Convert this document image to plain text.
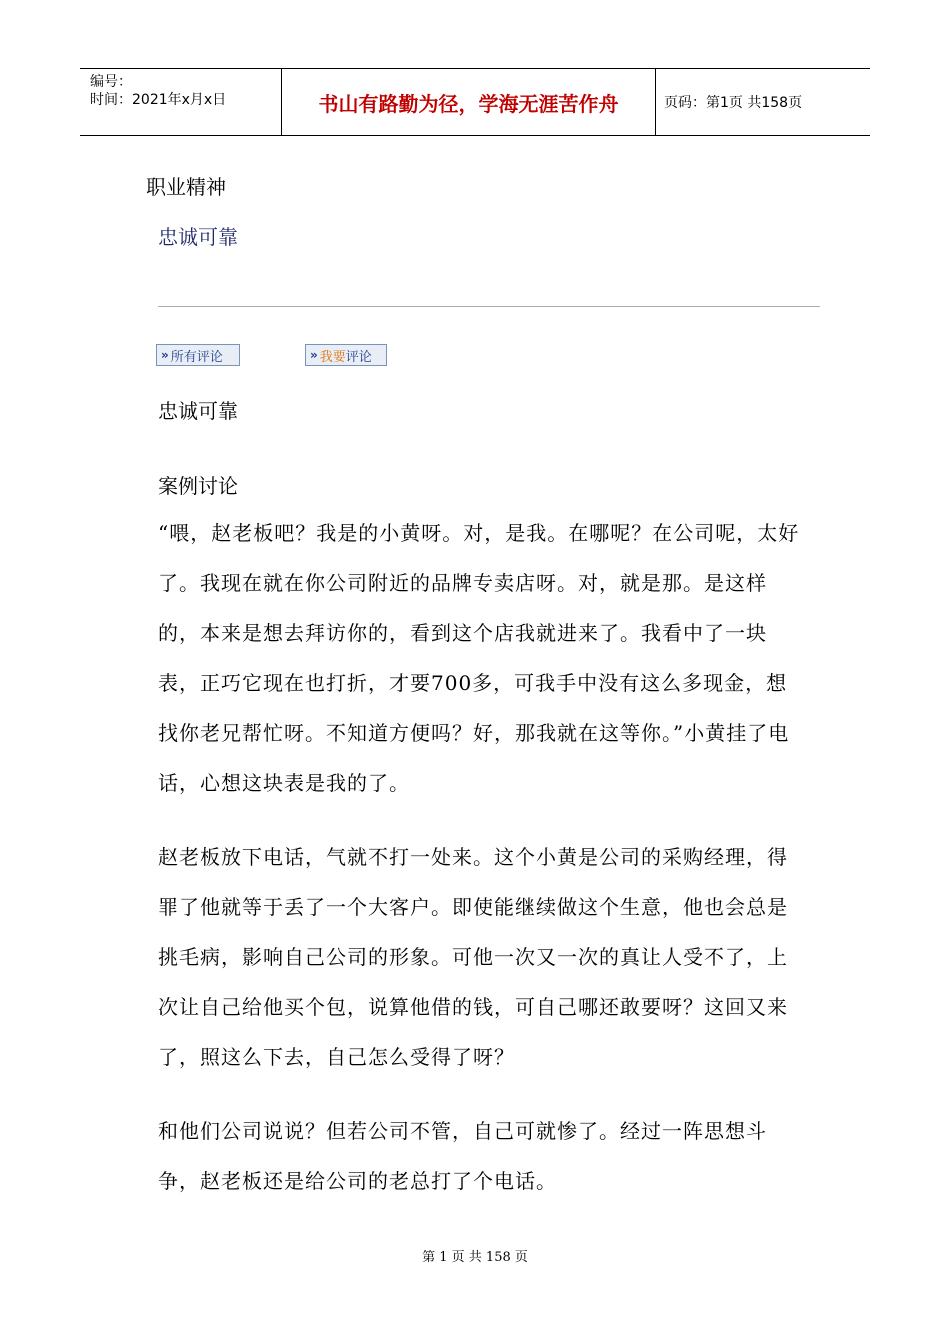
编号：
时间：2021年x月x日	书山有路勤为径，学海无涯苦作舟	页码：第1页 共158页
职业精神
忠诚可靠
» 所有 评论	» 我要 评论
忠诚可靠
案例讨论
“喂，赵老板吧？我是的小黄呀。对，是我。在哪呢？在公司呢，太好了。我现在就在你公司附近的品牌专卖店呀。对，就是那。是这样的，本来是想去拜访你的，看到这个店我就进来了。我看中了一块表，正巧它现在也打折，才要700多，可我手中没有这么多现金，想找你老兄帮忙呀。不知道方便吗？好，那我就在这等你。”小黄挂了电话，心想这块表是我的了。
赵老板放下电话，气就不打一处来。这个小黄是公司的采购经理，得罪了他就等于丢了一个大客户。即使能继续做这个生意，他也会总是挑毛病，影响自己公司的形象。可他一次又一次的真让人受不了，上次让自己给他买个包，说算他借的钱，可自己哪还敢要呀？这回又来了，照这么下去，自己怎么受得了呀？
和他们公司说说？但若公司不管，自己可就惨了。经过一阵思想斗争，赵老板还是给公司的老总打了个电话。
第 1 页 共 158 页
